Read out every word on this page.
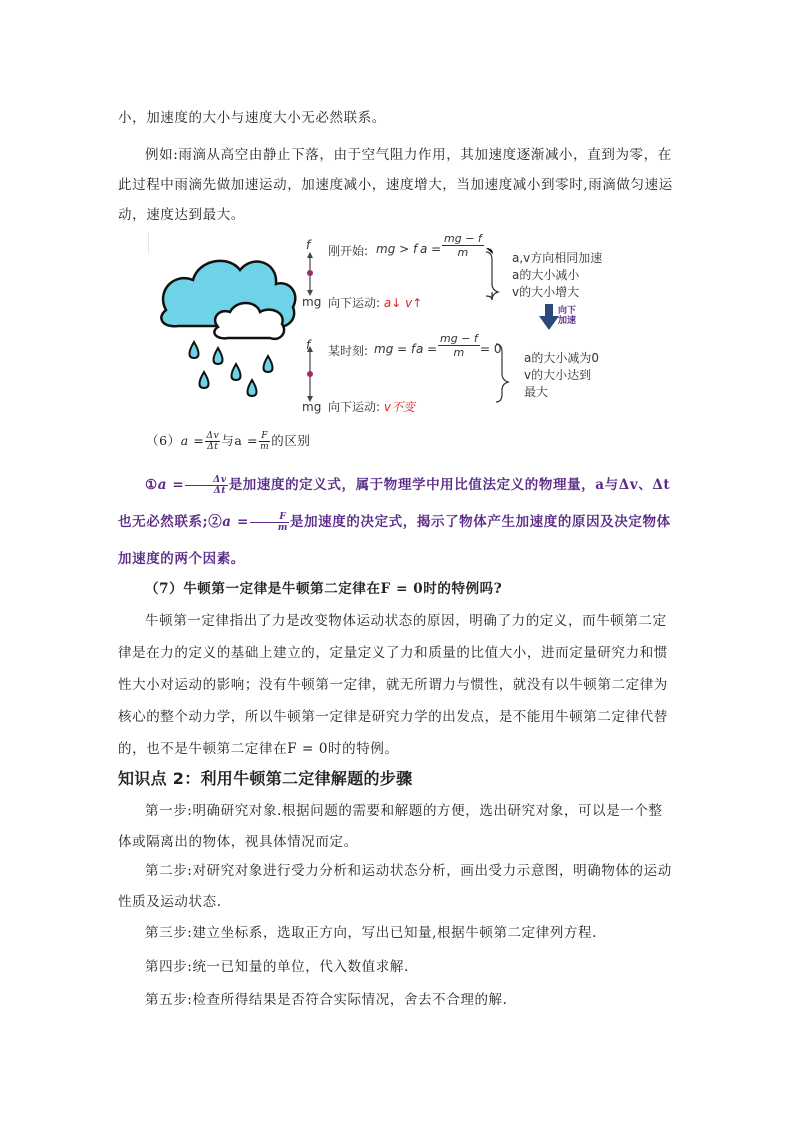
小，加速度的大小与速度大小无必然联系。
例如:雨滴从高空由静止下落，由于空气阻力作用，其加速度逐渐减小，直到为零，在此过程中雨滴先做加速运动，加速度减小，速度增大，当加速度减小到零时,雨滴做匀速运动，速度达到最大。
f
mg
刚开始: mg > f $a = \frac{mg - f}{m}$
向下运动: a↓ v↑
f
mg
某时刻: mg = f $a = \frac{mg - f}{m} = 0$
向下运动: v不变
a,v方向相同加速
a的大小减小
v的大小增大
a的大小减为0
v的大小达到
最大
向下
加速
$(6)a = \frac{\Delta v}{\Delta t}$ 与$a = \frac{F}{m}$ 的区别
①a = $\frac{\Delta v}{\Delta t}$ 是加速度的定义式，属于物理学中用比值法定义的物理量，a与Δv、Δt也无必然联系;②a = $\frac{F}{m}$ 是加速度的决定式，揭示了物体产生加速度的原因及决定物体加速度的两个因素。
（7）牛顿第一定律是牛顿第二定律在F = 0时的特例吗?
牛顿第一定律指出了力是改变物体运动状态的原因，明确了力的定义，而牛顿第二定律是在力的定义的基础上建立的，定量定义了力和质量的比值大小，进而定量研究力和惯性大小对运动的影响；没有牛顿第一定律，就无所谓力与惯性，就没有以牛顿第二定律为核心的整个动力学，所以牛顿第一定律是研究力学的出发点，是不能用牛顿第二定律代替的，也不是牛顿第二定律在F = 0时的特例。
知识点 2：利用牛顿第二定律解题的步骤
第一步:明确研究对象.根据问题的需要和解题的方便，选出研究对象，可以是一个整体或隔离出的物体，视具体情况而定。
第二步:对研究对象进行受力分析和运动状态分析，画出受力示意图，明确物体的运动性质及运动状态.
第三步:建立坐标系，选取正方向，写出已知量,根据牛顿第二定律列方程.
第四步:统一已知量的单位，代入数值求解.
第五步:检查所得结果是否符合实际情况，舍去不合理的解.
